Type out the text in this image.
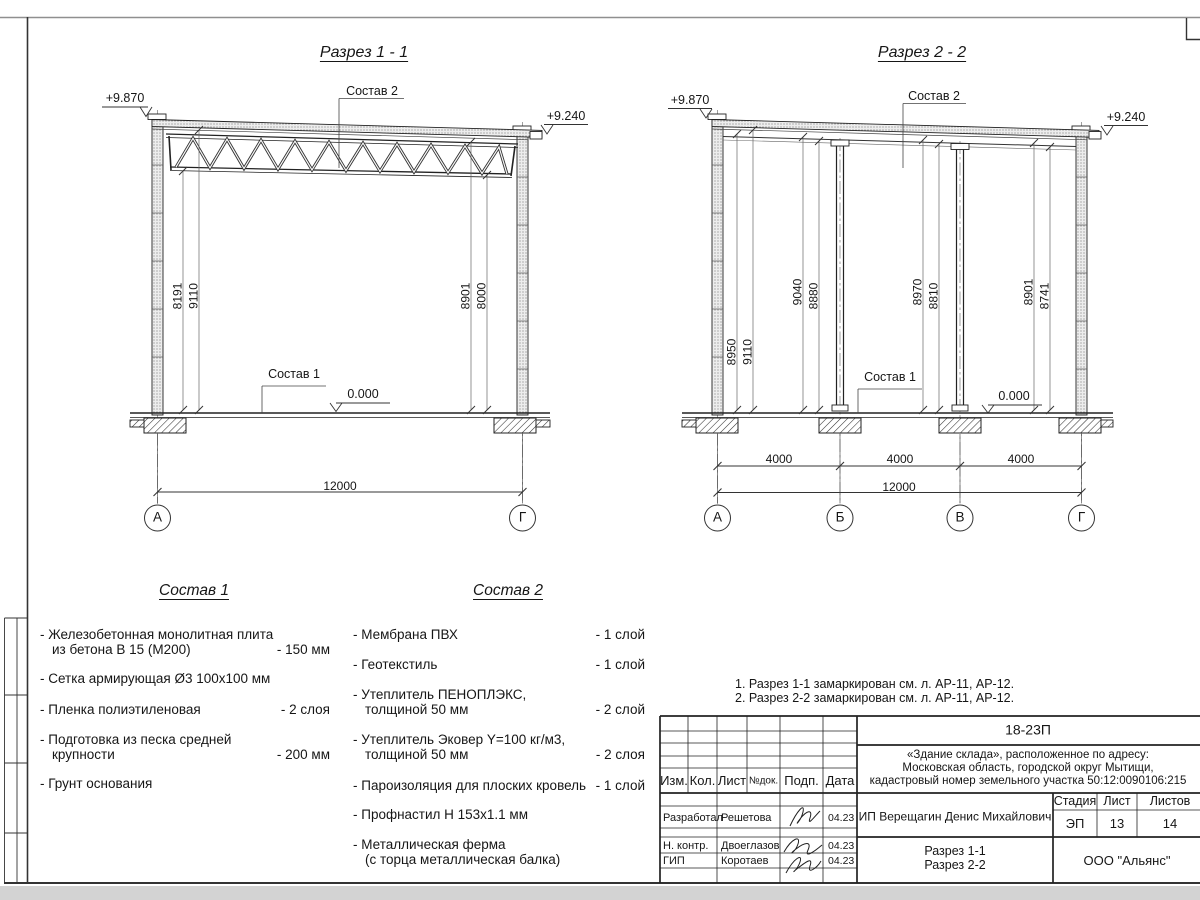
Разрез 1 - 1
Состав 2
Состав 1
+9.870
+9.240
0.000
8191 9110	8901 8000
12000
А	Г
Разрез 2 - 2
Состав 2
Состав 1
+9.870
+9.240
0.000
8950 9110
9040 8880	8970 8810	8901 8741
4000	4000	4000
12000
А	Б	В	Г
Состав 1
- Железобетонная монолитная плита
из бетона В 15 (М200)	- 150 мм
- Сетка армирующая Ø3 100х100 мм
- Пленка полиэтиленовая	- 2 слоя
- Подготовка из песка средней
крупности	- 200 мм
- Грунт основания
Состав 2
- Мембрана ПВХ	- 1 слой
- Геотекстиль	- 1 слой
- Утеплитель ПЕНОПЛЭКС,
толщиной 50 мм	- 2 слой
- Утеплитель Эковер Y=100 кг/м3,
толщиной 50 мм	- 2 слоя
- Пароизоляция для плоских кровель - 1 слой
- Профнастил Н 153х1.1 мм
- Металлическая ферма
(с торца металлическая балка)
1. Разрез 1-1 замаркирован см. л. АР-11, АР-12.
2. Разрез 2-2 замаркирован см. л. АР-11, АР-12.
18-23П
«Здание склада», расположенное по адресу:
Московская область, городской округ Мытищи,
кадастровый номер земельного участка 50:12:0090106:215
Изм. Кол. Лист №док. Подп. Дата
Разработал
Решетова	04.23
Н. контр. Двоеглазов	04.23
ГИП	Коротаев	04.23
ИП Верещагин Денис Михайлович
Стадия Лист Листов
ЭП 13	14
Разрез 1-1
Разрез 2-2	ООО "Альянс"
